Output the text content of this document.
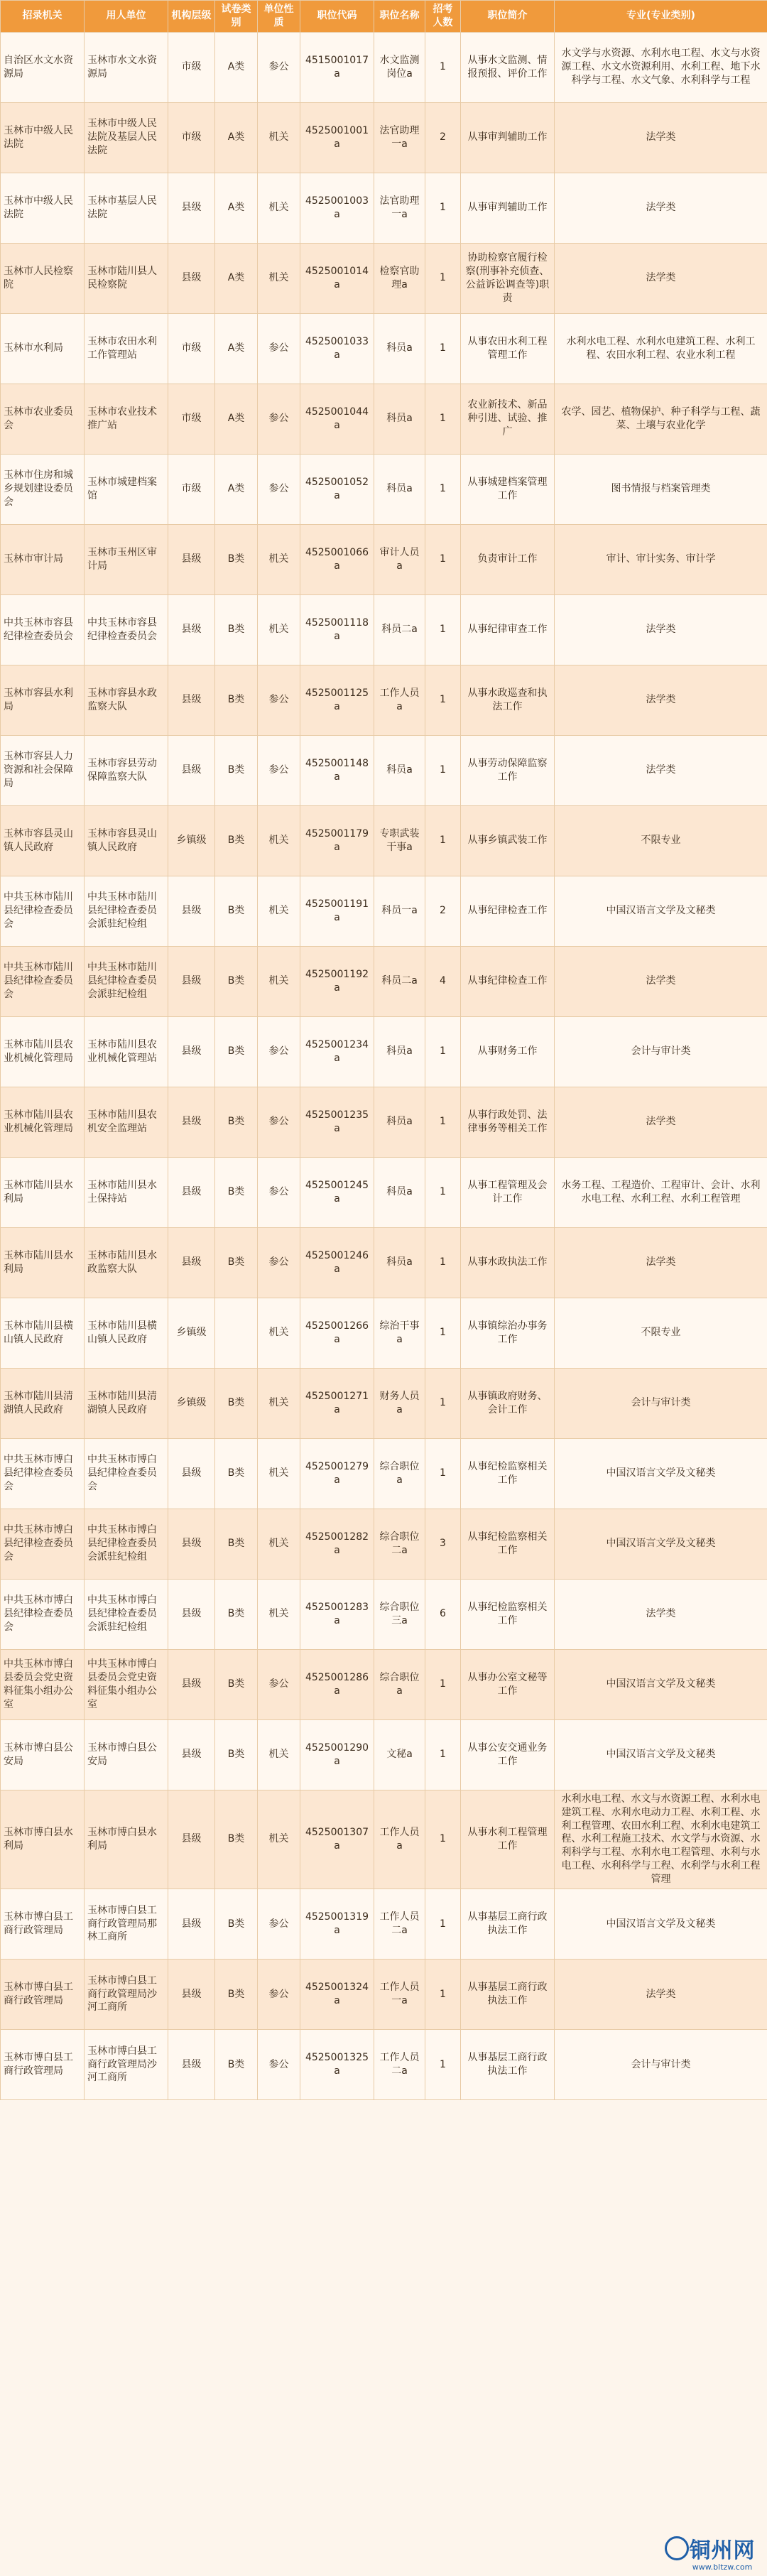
招录机关	用人单位	机构层级	试卷类别	单位性质	职位代码	职位名称	招考人数	职位简介	专业(专业类别)
自治区水文水资源局	玉林市水文水资源局	市级	A类	参公	4515001017a	水文监测岗位a	1	从事水文监测、情报预报、评价工作	水文学与水资源、水利水电工程、水文与水资源工程、水文水资源利用、水利工程、地下水科学与工程、水文气象、水利科学与工程
玉林市中级人民法院	玉林市中级人民法院及基层人民法院	市级	A类	机关	4525001001a	法官助理一a	2	从事审判辅助工作	法学类
玉林市中级人民法院	玉林市基层人民法院	县级	A类	机关	4525001003a	法官助理一a	1	从事审判辅助工作	法学类
玉林市人民检察院	玉林市陆川县人民检察院	县级	A类	机关	4525001014a	检察官助理a	1	协助检察官履行检察(刑事补充侦查、公益诉讼调查等)职责	法学类
玉林市水利局	玉林市农田水利工作管理站	市级	A类	参公	4525001033a	科员a	1	从事农田水利工程管理工作	水利水电工程、水利水电建筑工程、水利工程、农田水利工程、农业水利工程
玉林市农业委员会	玉林市农业技术推广站	市级	A类	参公	4525001044a	科员a	1	农业新技术、新品种引进、试验、推广	农学、园艺、植物保护、种子科学与工程、蔬菜、土壤与农业化学
玉林市住房和城乡规划建设委员会	玉林市城建档案馆	市级	A类	参公	4525001052a	科员a	1	从事城建档案管理工作	图书情报与档案管理类
玉林市审计局	玉林市玉州区审计局	县级	B类	机关	4525001066a	审计人员a	1	负责审计工作	审计、审计实务、审计学
中共玉林市容县纪律检查委员会	中共玉林市容县纪律检查委员会	县级	B类	机关	4525001118a	科员二a	1	从事纪律审查工作	法学类
玉林市容县水利局	玉林市容县水政监察大队	县级	B类	参公	4525001125a	工作人员a	1	从事水政巡查和执法工作	法学类
玉林市容县人力资源和社会保障局	玉林市容县劳动保障监察大队	县级	B类	参公	4525001148a	科员a	1	从事劳动保障监察工作	法学类
玉林市容县灵山镇人民政府	玉林市容县灵山镇人民政府	乡镇级	B类	机关	4525001179a	专职武装干事a	1	从事乡镇武装工作	不限专业
中共玉林市陆川县纪律检查委员会	中共玉林市陆川县纪律检查委员会派驻纪检组	县级	B类	机关	4525001191a	科员一a	2	从事纪律检查工作	中国汉语言文学及文秘类
中共玉林市陆川县纪律检查委员会	中共玉林市陆川县纪律检查委员会派驻纪检组	县级	B类	机关	4525001192a	科员二a	4	从事纪律检查工作	法学类
玉林市陆川县农业机械化管理局	玉林市陆川县农业机械化管理站	县级	B类	参公	4525001234a	科员a	1	从事财务工作	会计与审计类
玉林市陆川县农业机械化管理局	玉林市陆川县农机安全监理站	县级	B类	参公	4525001235a	科员a	1	从事行政处罚、法律事务等相关工作	法学类
玉林市陆川县水利局	玉林市陆川县水土保持站	县级	B类	参公	4525001245a	科员a	1	从事工程管理及会计工作	水务工程、工程造价、工程审计、会计、水利水电工程、水利工程、水利工程管理
玉林市陆川县水利局	玉林市陆川县水政监察大队	县级	B类	参公	4525001246a	科员a	1	从事水政执法工作	法学类
玉林市陆川县横山镇人民政府	玉林市陆川县横山镇人民政府	乡镇级		机关	4525001266a	综治干事a	1	从事镇综治办事务工作	不限专业
玉林市陆川县清湖镇人民政府	玉林市陆川县清湖镇人民政府	乡镇级	B类	机关	4525001271a	财务人员a	1	从事镇政府财务、会计工作	会计与审计类
中共玉林市博白县纪律检查委员会	中共玉林市博白县纪律检查委员会	县级	B类	机关	4525001279a	综合职位a	1	从事纪检监察相关工作	中国汉语言文学及文秘类
中共玉林市博白县纪律检查委员会	中共玉林市博白县纪律检查委员会派驻纪检组	县级	B类	机关	4525001282a	综合职位二a	3	从事纪检监察相关工作	中国汉语言文学及文秘类
中共玉林市博白县纪律检查委员会	中共玉林市博白县纪律检查委员会派驻纪检组	县级	B类	机关	4525001283a	综合职位三a	6	从事纪检监察相关工作	法学类
中共玉林市博白县委员会党史资料征集小组办公室	中共玉林市博白县委员会党史资料征集小组办公室	县级	B类	参公	4525001286a	综合职位a	1	从事办公室文秘等工作	中国汉语言文学及文秘类
玉林市博白县公安局	玉林市博白县公安局	县级	B类	机关	4525001290a	文秘a	1	从事公安交通业务工作	中国汉语言文学及文秘类
玉林市博白县水利局	玉林市博白县水利局	县级	B类	机关	4525001307a	工作人员a	1	从事水利工程管理工作	水利水电工程、水文与水资源工程、水利水电建筑工程、水利水电动力工程、水利工程、水利工程管理、农田水利工程、水利水电建筑工程、水利工程施工技术、水文学与水资源、水利科学与工程、水利水电工程管理、水利与水电工程、水利科学与工程、水利学与水利工程管理
玉林市博白县工商行政管理局	玉林市博白县工商行政管理局那林工商所	县级	B类	参公	4525001319a	工作人员二a	1	从事基层工商行政执法工作	中国汉语言文学及文秘类
玉林市博白县工商行政管理局	玉林市博白县工商行政管理局沙河工商所	县级	B类	参公	4525001324a	工作人员一a	1	从事基层工商行政执法工作	法学类
玉林市博白县工商行政管理局	玉林市博白县工商行政管理局沙河工商所	县级	B类	参公	4525001325a	工作人员二a	1	从事基层工商行政执法工作	会计与审计类
铜州网
www.bltzw.com
